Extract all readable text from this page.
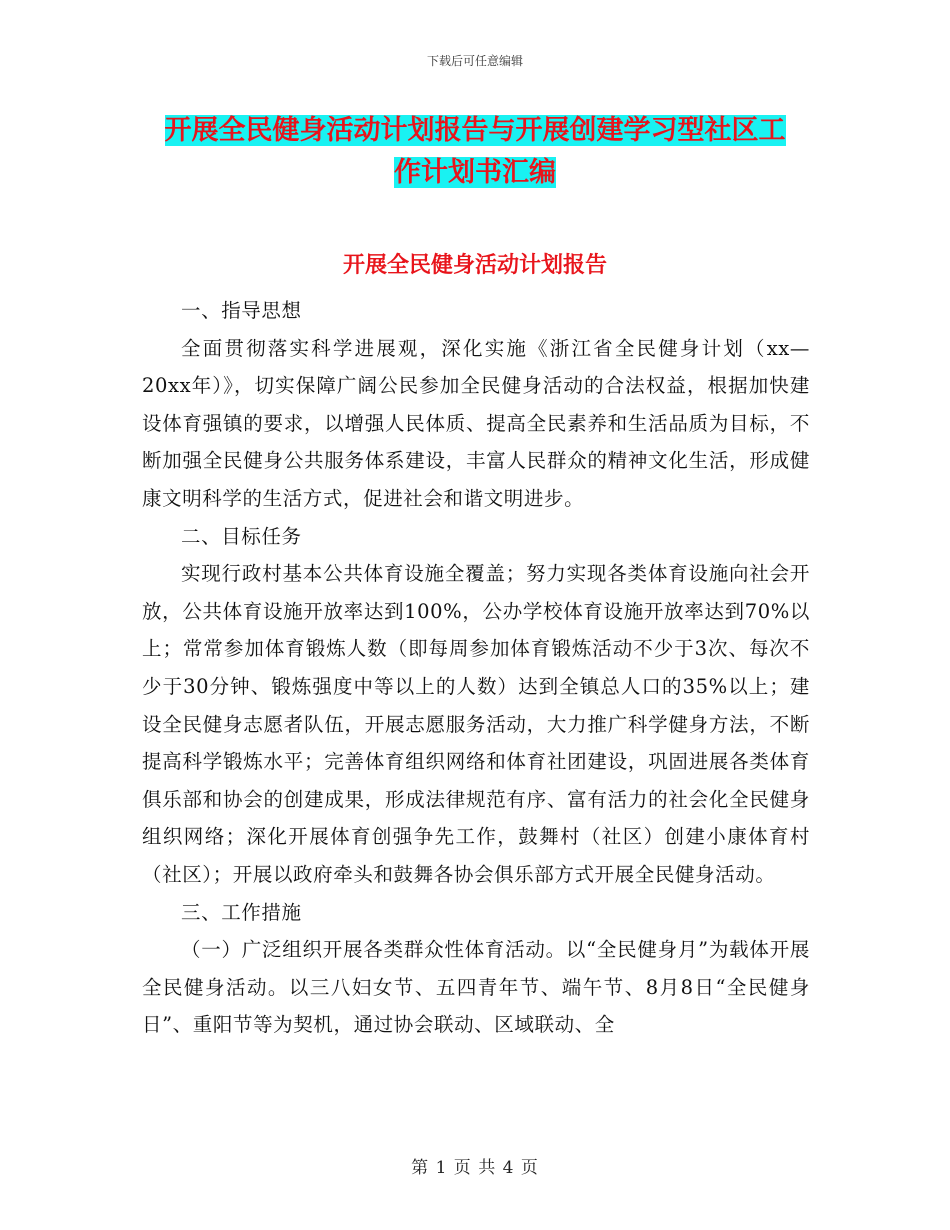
下载后可任意编辑
开展全民健身活动计划报告与开展创建学习型社区工
作计划书汇编
开展全民健身活动计划报告

一、指导思想

全面贯彻落实科学进展观，深化实施《浙江省全民健身计划（xx—20xx年）》，切实保障广阔公民参加全民健身活动的合法权益，根据加快建设体育强镇的要求，以增强人民体质、提高全民素养和生活品质为目标，不断加强全民健身公共服务体系建设，丰富人民群众的精神文化生活，形成健康文明科学的生活方式，促进社会和谐文明进步。

二、目标任务

实现行政村基本公共体育设施全覆盖；努力实现各类体育设施向社会开放，公共体育设施开放率达到100%，公办学校体育设施开放率达到70%以上；常常参加体育锻炼人数（即每周参加体育锻炼活动不少于3次、每次不少于30分钟、锻炼强度中等以上的人数）达到全镇总人口的35%以上；建设全民健身志愿者队伍，开展志愿服务活动，大力推广科学健身方法，不断提高科学锻炼水平；完善体育组织网络和体育社团建设，巩固进展各类体育俱乐部和协会的创建成果，形成法律规范有序、富有活力的社会化全民健身组织网络；深化开展体育创强争先工作，鼓舞村（社区）创建小康体育村（社区）；开展以政府牵头和鼓舞各协会俱乐部方式开展全民健身活动。

三、工作措施

（一）广泛组织开展各类群众性体育活动。以“全民健身月”为载体开展全民健身活动。以三八妇女节、五四青年节、端午节、8月8日“全民健身日”、重阳节等为契机，通过协会联动、区域联动、全

第 1 页 共 4 页
